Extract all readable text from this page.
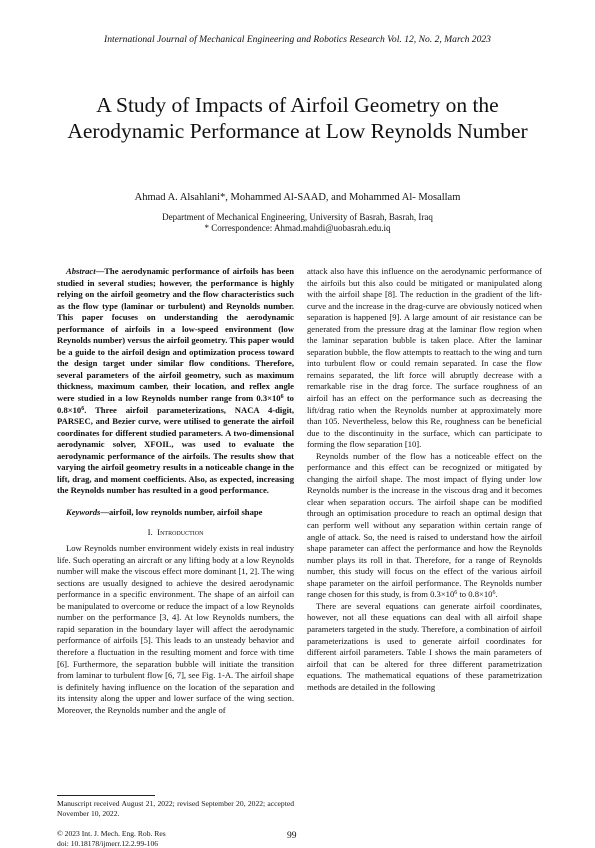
International Journal of Mechanical Engineering and Robotics Research Vol. 12, No. 2, March 2023
A Study of Impacts of Airfoil Geometry on the Aerodynamic Performance at Low Reynolds Number
Ahmad A. Alsahlani*, Mohammed Al-SAAD, and Mohammed Al- Mosallam
Department of Mechanical Engineering, University of Basrah, Basrah, Iraq
* Correspondence: Ahmad.mahdi@uobasrah.edu.iq

Abstract—The aerodynamic performance of airfoils has been studied in several studies; however, the performance is highly relying on the airfoil geometry and the flow characteristics such as the flow type (laminar or turbulent) and Reynolds number. This paper focuses on understanding the aerodynamic performance of airfoils in a low-speed environment (low Reynolds number) versus the airfoil geometry. This paper would be a guide to the airfoil design and optimization process toward the design target under similar flow conditions. Therefore, several parameters of the airfoil geometry, such as maximum thickness, maximum camber, their location, and reflex angle were studied in a low Reynolds number range from $0.3\times 10^6$ to $0.8\times 10^6$. Three airfoil parameterizations, NACA 4-digit, PARSEC, and Bezier curve, were utilised to generate the airfoil coordinates for different studied parameters. A two-dimensional aerodynamic solver, XFOIL, was used to evaluate the aerodynamic performance of the airfoils. The results show that varying the airfoil geometry results in a noticeable change in the lift, drag, and moment coefficients. Also, as expected, increasing the Reynolds number has resulted in a good performance.

Keywords—airfoil, low reynolds number, airfoil shape

I. Introduction

Low Reynolds number environment widely exists in real industry life. Such operating an aircraft or any lifting body at a low Reynolds number will make the viscous effect more dominant [1, 2]. The wing sections are usually designed to achieve the desired aerodynamic performance in a specific environment. The shape of an airfoil can be manipulated to overcome or reduce the impact of a low Reynolds number on the performance [3, 4]. At low Reynolds numbers, the rapid separation in the boundary layer will affect the aerodynamic performance of airfoils [5]. This leads to an unsteady behavior and therefore a fluctuation in the resulting moment and force with time [6]. Furthermore, the separation bubble will initiate the transition from laminar to turbulent flow [6, 7], see Fig. 1-A. The airfoil shape is definitely having influence on the location of the separation and its intensity along the upper and lower surface of the wing section. Moreover, the Reynolds number and the angle of

attack also have this influence on the aerodynamic performance of the airfoils but this also could be mitigated or manipulated along with the airfoil shape [8]. The reduction in the gradient of the lift-curve and the increase in the drag-curve are obviously noticed when separation is happened [9]. A large amount of air resistance can be generated from the pressure drag at the laminar flow region when the laminar separation bubble is taken place. After the laminar separation bubble, the flow attempts to reattach to the wing and turn into turbulent flow or could remain separated. In case the flow remains separated, the lift force will abruptly decrease with a remarkable rise in the drag force. The surface roughness of an airfoil has an effect on the performance such as decreasing the lift/drag ratio when the Reynolds number at approximately more than 105. Nevertheless, below this Re, roughness can be beneficial due to the discontinuity in the surface, which can participate to forming the flow separation [10].

Reynolds number of the flow has a noticeable effect on the performance and this effect can be recognized or mitigated by changing the airfoil shape. The most impact of flying under low Reynolds number is the increase in the viscous drag and it becomes clear when separation occurs. The airfoil shape can be modified through an optimisation procedure to reach an optimal design that can perform well without any separation within certain range of angle of attack. So, the need is raised to understand how the airfoil shape parameter can affect the performance and how the Reynolds number plays its roll in that. Therefore, for a range of Reynolds number, this study will focus on the effect of the various airfoil shape parameter on the airfoil performance. The Reynolds number range chosen for this study, is from $0.3\times 10^6$ to $0.8\times 10^6$.

There are several equations can generate airfoil coordinates, however, not all these equations can deal with all airfoil shape parameters targeted in the study. Therefore, a combination of airfoil parameterizations is used to generate airfoil coordinates for different airfoil parameters. Table I shows the main parameters of airfoil that can be altered for three different parametrization equations. The mathematical equations of these parametrization methods are detailed in the following

Manuscript received August 21, 2022; revised September 20, 2022; accepted November 10, 2022.
© 2023 Int. J. Mech. Eng. Rob. Res
doi: 10.18178/ijmerr.12.2.99-106
99
